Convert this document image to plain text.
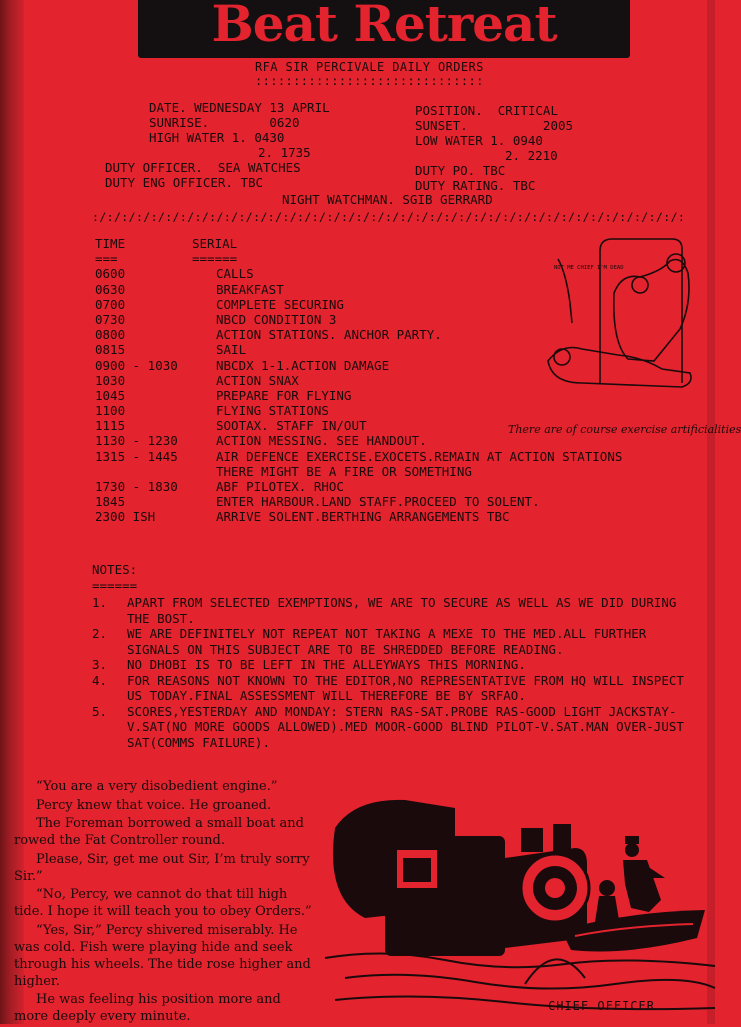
Beat Retreat
RFA SIR PERCIVALE DAILY ORDERS
::::::::::::::::::::::::::::::
DATE. WEDNESDAY 13 APRIL
SUNRISE.        0620
HIGH WATER 1. 0430
2. 1735
POSITION.  CRITICAL
SUNSET.          2005
LOW WATER 1. 0940
2. 2210
DUTY OFFICER.  SEA WATCHES
DUTY ENG OFFICER. TBC
DUTY PO. TBC
DUTY RATING. TBC
NIGHT WATCHMAN. SGIB GERRARD
:/:/:/:/:/:/:/:/:/:/:/:/:/:/:/:/:/:/:/:/:/:/:/:/:/:/:/:/:/:/:/:/:/:/:/:/:/:/:/:/:
TIME	SERIAL
===	======
0600	CALLS
0630	BREAKFAST
0700	COMPLETE SECURING
0730	NBCD CONDITION 3
0800	ACTION STATIONS. ANCHOR PARTY.
0815	SAIL
0900 - 1030	NBCDX 1-1.ACTION DAMAGE
1030	ACTION SNAX
1045	PREPARE FOR FLYING
1100	FLYING STATIONS
1115	SOOTAX. STAFF IN/OUT
1130 - 1230	ACTION MESSING. SEE HANDOUT.
1315 - 1445	AIR DEFENCE EXERCISE.EXOCETS.REMAIN AT ACTION STATIONS
THERE MIGHT BE A FIRE OR SOMETHING
1730 - 1830	ABF PILOTEX. RHOC
1845	ENTER HARBOUR.LAND STAFF.PROCEED TO SOLENT.
2300 ISH	ARRIVE SOLENT.BERTHING ARRANGEMENTS TBC
NOT ME CHIEF I'M DEAD
There are of course exercise artificialities
NOTES:
======
1. APART FROM SELECTED EXEMPTIONS, WE ARE TO SECURE AS WELL AS WE DID DURING THE BOST.
2. WE ARE DEFINITELY NOT REPEAT NOT TAKING A MEXE TO THE MED.ALL FURTHER SIGNALS ON THIS SUBJECT ARE TO BE SHREDDED BEFORE READING.
3. NO DHOBI IS TO BE LEFT IN THE ALLEYWAYS THIS MORNING.
4. FOR REASONS NOT KNOWN TO THE EDITOR,NO REPRESENTATIVE FROM HQ WILL INSPECT US TODAY.FINAL ASSESSMENT WILL THEREFORE BE BY SRFAO.
5. SCORES,YESTERDAY AND MONDAY: STERN RAS-SAT.PROBE RAS-GOOD LIGHT JACKSTAY-V.SAT(NO MORE GOODS ALLOWED).MED MOOR-GOOD BLIND PILOT-V.SAT.MAN OVER-JUST SAT(COMMS FAILURE).

“You are a very disobedient engine.”

Percy knew that voice. He groaned.

The Foreman borrowed a small boat and rowed the Fat Controller round.

Please, Sir, get me out Sir, I’m truly sorry Sir.”

“No, Percy, we cannot do that till high tide. I hope it will teach you to obey Orders.”

“Yes, Sir,” Percy shivered miserably. He was cold. Fish were playing hide and seek through his wheels. The tide rose higher and higher.

He was feeling his position more and more deeply every minute.

CHIEF OFFICER
